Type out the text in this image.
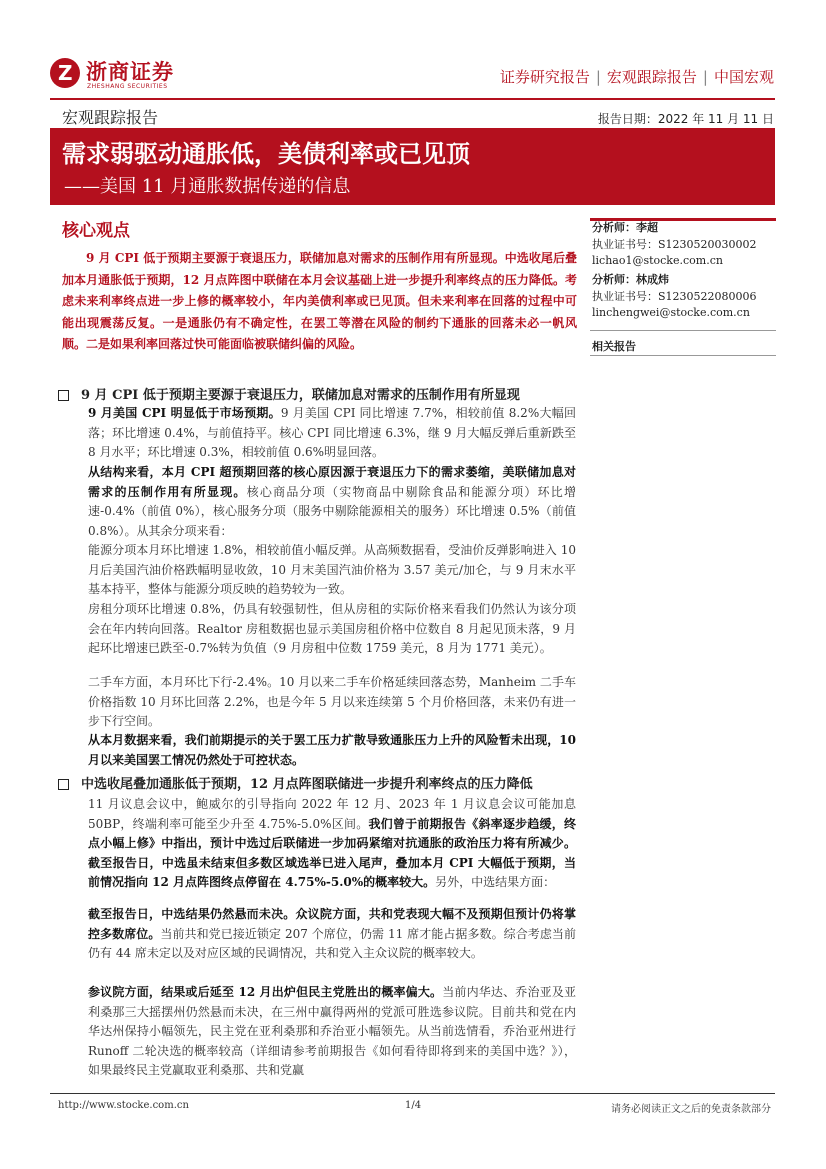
Z 浙商证券
ZHESHANG SECURITIES
证券研究报告 | 宏观跟踪报告 | 中国宏观
宏观跟踪报告	报告日期：2022 年 11 月 11 日
需求弱驱动通胀低，美债利率或已见顶
——美国 11 月通胀数据传递的信息
核心观点
9 月 CPI 低于预期主要源于衰退压力，联储加息对需求的压制作用有所显现。中选收尾后叠加本月通胀低于预期，12 月点阵图中联储在本月会议基础上进一步提升利率终点的压力降低。考虑未来利率终点进一步上修的概率较小，年内美债利率或已见顶。但未来利率在回落的过程中可能出现震荡反复。一是通胀仍有不确定性，在罢工等潜在风险的制约下通胀的回落未必一帆风顺。二是如果利率回落过快可能面临被联储纠偏的风险。
分析师：李超
执业证书号：S1230520030002
lichao1@stocke.com.cn
分析师：林成炜
执业证书号：S1230522080006
linchengwei@stocke.com.cn
相关报告
9 月 CPI 低于预期主要源于衰退压力，联储加息对需求的压制作用有所显现
9 月美国 CPI 明显低于市场预期。9 月美国 CPI 同比增速 7.7%，相较前值 8.2%大幅回落；环比增速 0.4%，与前值持平。核心 CPI 同比增速 6.3%，继 9 月大幅反弹后重新跌至 8 月水平；环比增速 0.3%，相较前值 0.6%明显回落。
从结构来看，本月 CPI 超预期回落的核心原因源于衰退压力下的需求萎缩，美联储加息对需求的压制作用有所显现。核心商品分项（实物商品中剔除食品和能源分项）环比增速-0.4%（前值 0%），核心服务分项（服务中剔除能源相关的服务）环比增速 0.5%（前值 0.8%）。从其余分项来看：
能源分项本月环比增速 1.8%，相较前值小幅反弹。从高频数据看，受油价反弹影响进入 10 月后美国汽油价格跌幅明显收敛，10 月末美国汽油价格为 3.57 美元/加仑，与 9 月末水平基本持平，整体与能源分项反映的趋势较为一致。
房租分项环比增速 0.8%，仍具有较强韧性，但从房租的实际价格来看我们仍然认为该分项会在年内转向回落。Realtor 房租数据也显示美国房租价格中位数自 8 月起见顶未落，9 月起环比增速已跌至-0.7%转为负值（9 月房租中位数 1759 美元，8 月为 1771 美元）。
二手车方面，本月环比下行-2.4%。10 月以来二手车价格延续回落态势，Manheim 二手车价格指数 10 月环比回落 2.2%，也是今年 5 月以来连续第 5 个月价格回落，未来仍有进一步下行空间。
从本月数据来看，我们前期提示的关于罢工压力扩散导致通胀压力上升的风险暂未出现，10 月以来美国罢工情况仍然处于可控状态。
中选收尾叠加通胀低于预期，12 月点阵图联储进一步提升利率终点的压力降低
11 月议息会议中，鲍威尔的引导指向 2022 年 12 月、2023 年 1 月议息会议可能加息 50BP，终端利率可能至少升至 4.75%-5.0%区间。我们曾于前期报告《斜率逐步趋缓，终点小幅上修》中指出，预计中选过后联储进一步加码紧缩对抗通胀的政治压力将有所减少。截至报告日，中选虽未结束但多数区域选举已进入尾声，叠加本月 CPI 大幅低于预期，当前情况指向 12 月点阵图终点停留在 4.75%-5.0%的概率较大。另外，中选结果方面：
截至报告日，中选结果仍然悬而未决。众议院方面，共和党表现大幅不及预期但预计仍将掌控多数席位。当前共和党已接近锁定 207 个席位，仍需 11 席才能占据多数。综合考虑当前仍有 44 席未定以及对应区域的民调情况，共和党入主众议院的概率较大。
参议院方面，结果或后延至 12 月出炉但民主党胜出的概率偏大。当前内华达、乔治亚及亚利桑那三大摇摆州仍然悬而未决，在三州中赢得两州的党派可胜选参议院。目前共和党在内华达州保持小幅领先，民主党在亚利桑那和乔治亚小幅领先。从当前选情看，乔治亚州进行 Runoff 二轮决选的概率较高（详细请参考前期报告《如何看待即将到来的美国中选？》），如果最终民主党赢取亚利桑那、共和党赢
http://www.stocke.com.cn	1/4	请务必阅读正文之后的免责条款部分
